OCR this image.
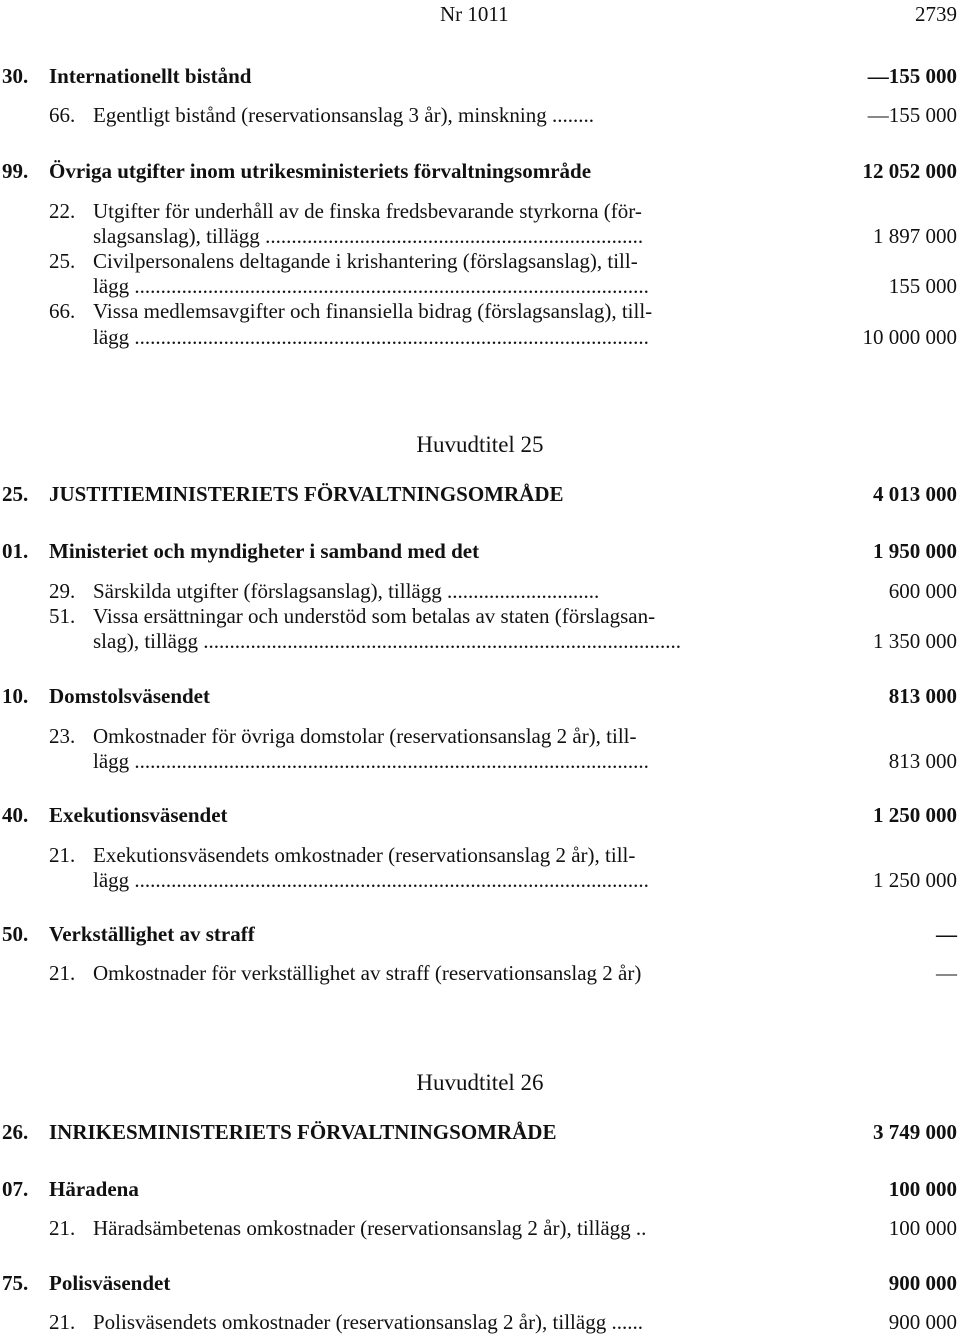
Nr 1011	2739
30. Internationellt bistånd	—155 000
66. Egentligt bistånd (reservationsanslag 3 år), minskning ........	—155 000
99. Övriga utgifter inom utrikesministeriets förvaltningsområde	12 052 000
22. Utgifter för underhåll av de finska fredsbevarande styrkorna (för-
slagsanslag), tillägg ........................................................................	1 897 000
25. Civilpersonalens deltagande i krishantering (förslagsanslag), till-
lägg ..................................................................................................	155 000
66. Vissa medlemsavgifter och finansiella bidrag (förslagsanslag), till-
lägg ..................................................................................................	10 000 000
Huvudtitel 25
25. JUSTITIEMINISTERIETS FÖRVALTNINGSOMRÅDE	4 013 000
01. Ministeriet och myndigheter i samband med det	1 950 000
29. Särskilda utgifter (förslagsanslag), tillägg .............................	600 000
51. Vissa ersättningar och understöd som betalas av staten (förslagsan-
slag), tillägg ...........................................................................................	1 350 000
10. Domstolsväsendet	813 000
23. Omkostnader för övriga domstolar (reservationsanslag 2 år), till-
lägg ..................................................................................................	813 000
40. Exekutionsväsendet	1 250 000
21. Exekutionsväsendets omkostnader (reservationsanslag 2 år), till-
lägg ..................................................................................................	1 250 000
50. Verkställighet av straff	—
21. Omkostnader för verkställighet av straff (reservationsanslag 2 år)	—
Huvudtitel 26
26. INRIKESMINISTERIETS FÖRVALTNINGSOMRÅDE	3 749 000
07. Häradena	100 000
21. Häradsämbetenas omkostnader (reservationsanslag 2 år), tillägg ..	100 000
75. Polisväsendet	900 000
21. Polisväsendets omkostnader (reservationsanslag 2 år), tillägg ......	900 000
